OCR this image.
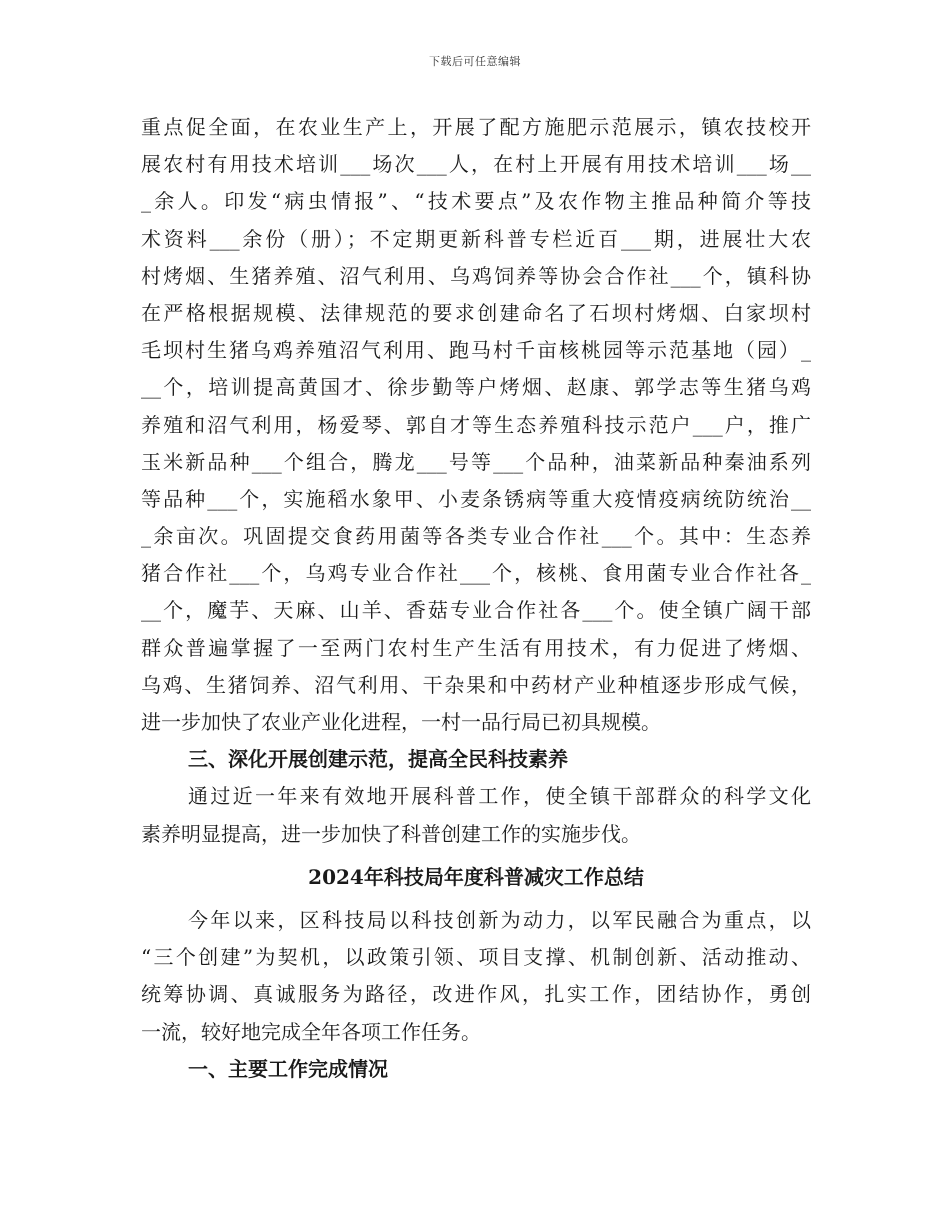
下载后可任意编辑
重点促全面，在农业生产上，开展了配方施肥示范展示，镇农技校开
展农村有用技术培训___场次___人，在村上开展有用技术培训___场__
_余人。印发“病虫情报”、“技术要点”及农作物主推品种简介等技
术资料___余份（册）；不定期更新科普专栏近百___期，进展壮大农
村烤烟、生猪养殖、沼气利用、乌鸡饲养等协会合作社___个，镇科协
在严格根据规模、法律规范的要求创建命名了石坝村烤烟、白家坝村
毛坝村生猪乌鸡养殖沼气利用、跑马村千亩核桃园等示范基地（园）_
__个，培训提高黄国才、徐步勤等户烤烟、赵康、郭学志等生猪乌鸡
养殖和沼气利用，杨爱琴、郭自才等生态养殖科技示范户___户，推广
玉米新品种___个组合，腾龙___号等___个品种，油菜新品种秦油系列
等品种___个，实施稻水象甲、小麦条锈病等重大疫情疫病统防统治__
_余亩次。巩固提交食药用菌等各类专业合作社___个。其中：生态养
猪合作社___个，乌鸡专业合作社___个，核桃、食用菌专业合作社各_
__个，魔芋、天麻、山羊、香菇专业合作社各___个。使全镇广阔干部
群众普遍掌握了一至两门农村生产生活有用技术，有力促进了烤烟、
乌鸡、生猪饲养、沼气利用、干杂果和中药材产业种植逐步形成气候，
进一步加快了农业产业化进程，一村一品行局已初具规模。
三、深化开展创建示范，提高全民科技素养
通过近一年来有效地开展科普工作，使全镇干部群众的科学文化
素养明显提高，进一步加快了科普创建工作的实施步伐。
2024年科技局年度科普减灾工作总结
今年以来，区科技局以科技创新为动力，以军民融合为重点，以
“三个创建”为契机，以政策引领、项目支撑、机制创新、活动推动、
统筹协调、真诚服务为路径，改进作风，扎实工作，团结协作，勇创
一流，较好地完成全年各项工作任务。
一、主要工作完成情况
